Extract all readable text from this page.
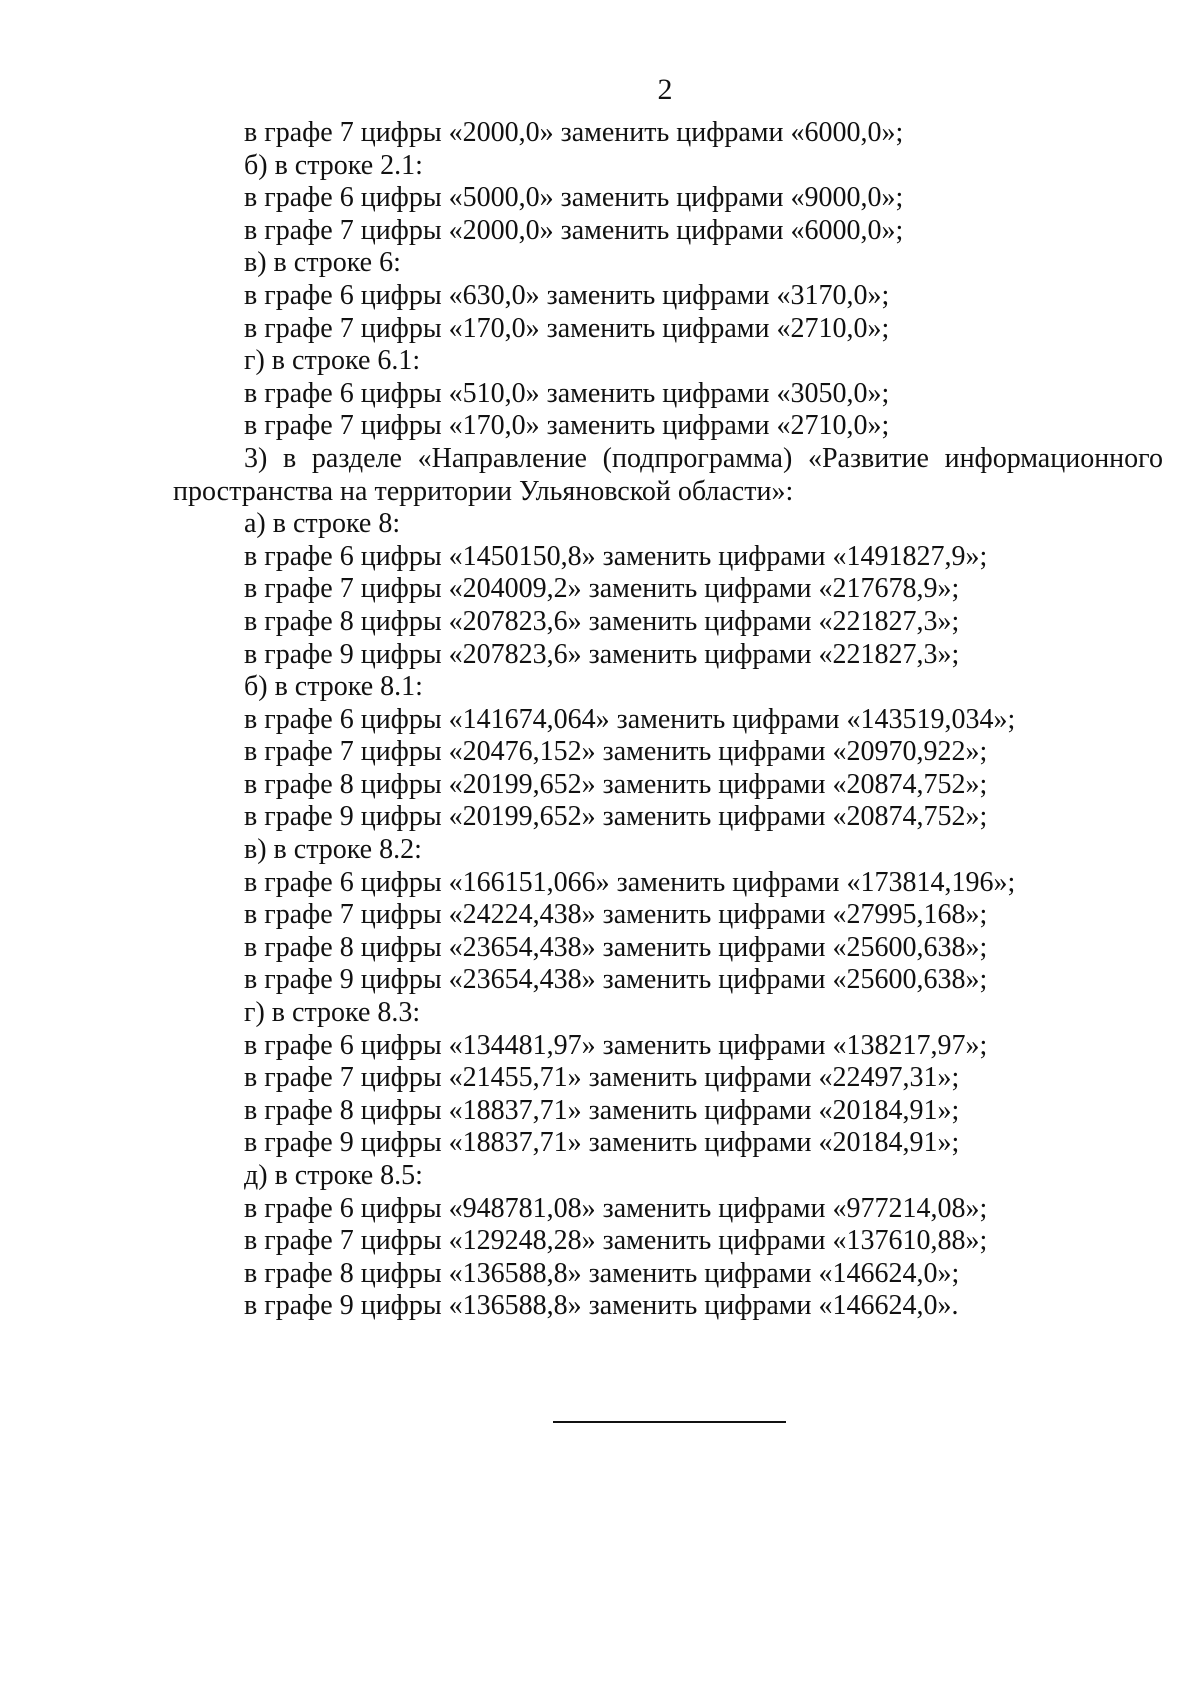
2
в графе 7 цифры «2000,0» заменить цифрами «6000,0»;
б) в строке 2.1:
в графе 6 цифры «5000,0» заменить цифрами «9000,0»;
в графе 7 цифры «2000,0» заменить цифрами «6000,0»;
в) в строке 6:
в графе 6 цифры «630,0» заменить цифрами «3170,0»;
в графе 7 цифры «170,0» заменить цифрами «2710,0»;
г) в строке 6.1:
в графе 6 цифры «510,0» заменить цифрами «3050,0»;
в графе 7 цифры «170,0» заменить цифрами «2710,0»;
3) в разделе «Направление (подпрограмма) «Развитие информационного
пространства на территории Ульяновской области»:
а) в строке 8:
в графе 6 цифры «1450150,8» заменить цифрами «1491827,9»;
в графе 7 цифры «204009,2» заменить цифрами «217678,9»;
в графе 8 цифры «207823,6» заменить цифрами «221827,3»;
в графе 9 цифры «207823,6» заменить цифрами «221827,3»;
б) в строке 8.1:
в графе 6 цифры «141674,064» заменить цифрами «143519,034»;
в графе 7 цифры «20476,152» заменить цифрами «20970,922»;
в графе 8 цифры «20199,652» заменить цифрами «20874,752»;
в графе 9 цифры «20199,652» заменить цифрами «20874,752»;
в) в строке 8.2:
в графе 6 цифры «166151,066» заменить цифрами «173814,196»;
в графе 7 цифры «24224,438» заменить цифрами «27995,168»;
в графе 8 цифры «23654,438» заменить цифрами «25600,638»;
в графе 9 цифры «23654,438» заменить цифрами «25600,638»;
г) в строке 8.3:
в графе 6 цифры «134481,97» заменить цифрами «138217,97»;
в графе 7 цифры «21455,71» заменить цифрами «22497,31»;
в графе 8 цифры «18837,71» заменить цифрами «20184,91»;
в графе 9 цифры «18837,71» заменить цифрами «20184,91»;
д) в строке 8.5:
в графе 6 цифры «948781,08» заменить цифрами «977214,08»;
в графе 7 цифры «129248,28» заменить цифрами «137610,88»;
в графе 8 цифры «136588,8» заменить цифрами «146624,0»;
в графе 9 цифры «136588,8» заменить цифрами «146624,0».
